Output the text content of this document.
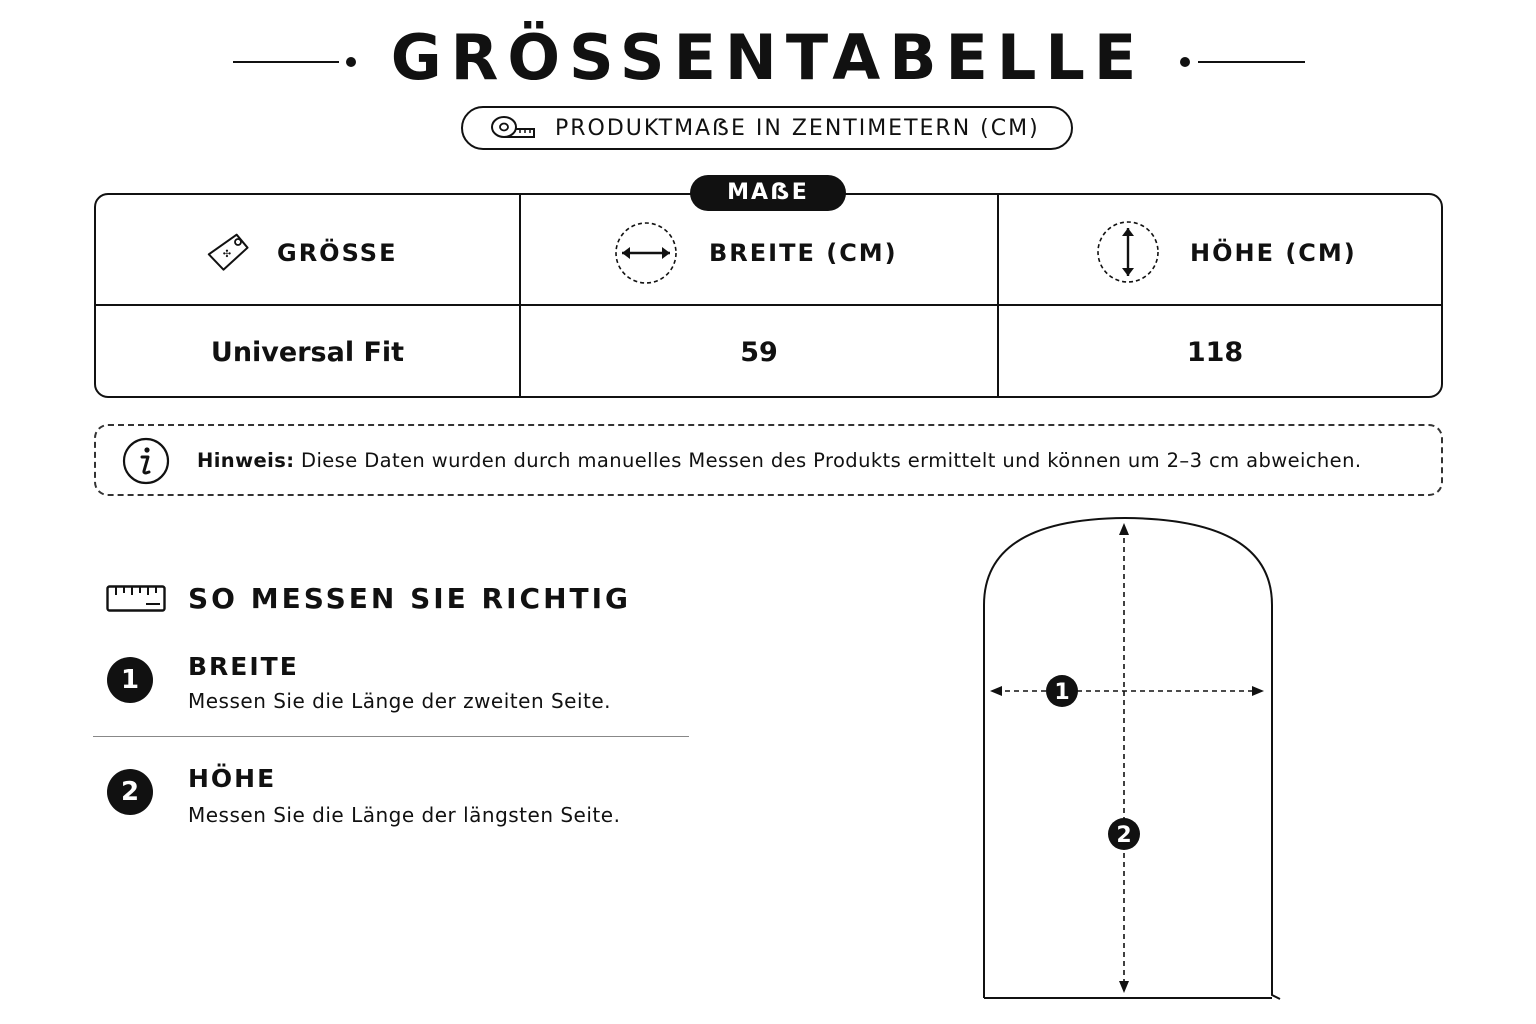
GRÖSSENTABELLE
PRODUKTMAẞE IN ZENTIMETERN (CM)
MAẞE
✣ GRÖSSE	BREITE (CM)	HÖHE (CM)
Universal Fit	59	118
Hinweis: Diese Daten wurden durch manuelles Messen des Produkts ermittelt und können um 2–3 cm abweichen.
SO MESSEN SIE RICHTIG
1	BREITE
Messen Sie die Länge der zweiten Seite.
2	HÖHE
Messen Sie die Länge der längsten Seite.
1
2
